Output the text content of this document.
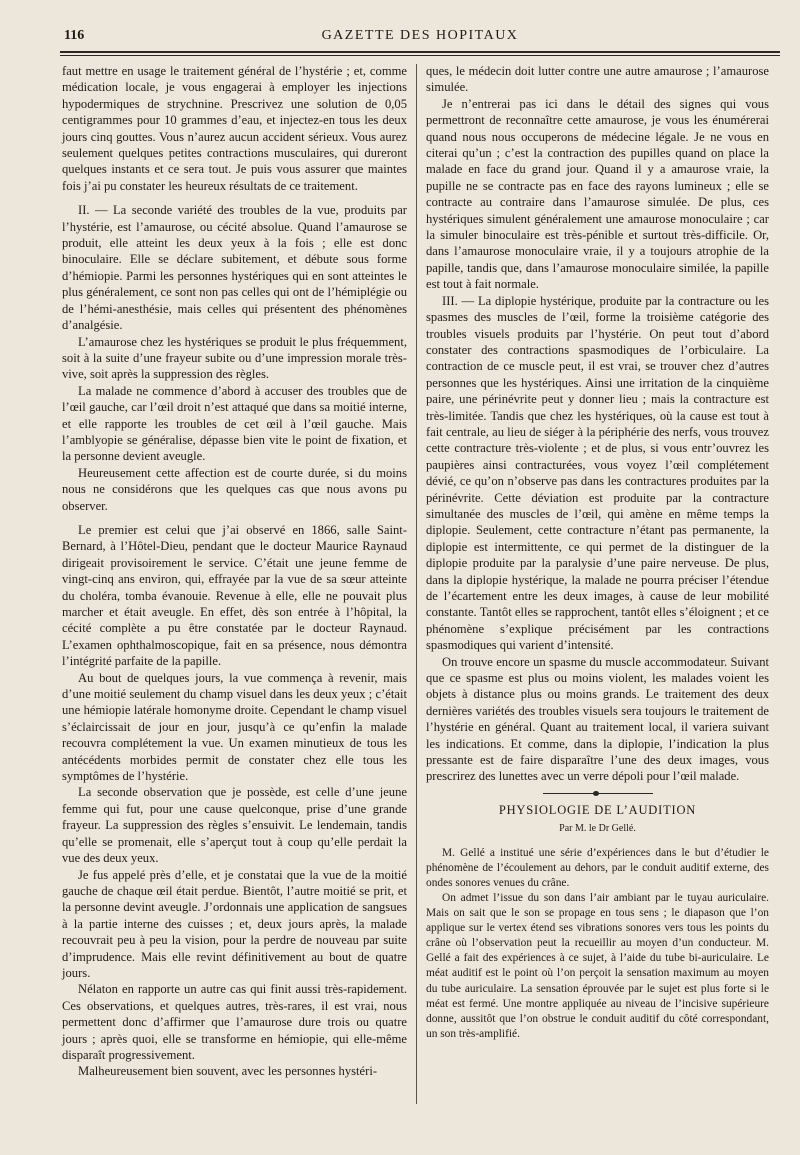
116	GAZETTE DES HOPITAUX

faut mettre en usage le traitement général de l’hystérie ; et, comme médication locale, je vous engagerai à employer les injections hypodermiques de strychnine. Prescrivez une solution de 0,05 centigrammes pour 10 grammes d’eau, et injectez-en tous les deux jours cinq gouttes. Vous n’aurez aucun accident sérieux. Vous aurez seulement quelques petites contractions musculaires, qui dureront quelques instants et ce sera tout. Je puis vous assurer que maintes fois j’ai pu constater les heureux résultats de ce traitement.

II. — La seconde variété des troubles de la vue, produits par l’hystérie, est l’amaurose, ou cécité absolue. Quand l’amaurose se produit, elle atteint les deux yeux à la fois ; elle est donc binoculaire. Elle se déclare subitement, et débute sous forme d’hémiopie. Parmi les personnes hystériques qui en sont atteintes le plus généralement, ce sont non pas celles qui ont de l’hémiplégie ou de l’hémi-anesthésie, mais celles qui présentent des phénomènes d’analgésie.

L’amaurose chez les hystériques se produit le plus fréquemment, soit à la suite d’une frayeur subite ou d’une impression morale très-vive, soit après la suppression des règles.

La malade ne commence d’abord à accuser des troubles que de l’œil gauche, car l’œil droit n’est attaqué que dans sa moitié interne, et elle rapporte les troubles de cet œil à l’œil gauche. Mais l’amblyopie se généralise, dépasse bien vite le point de fixation, et la personne devient aveugle.

Heureusement cette affection est de courte durée, si du moins nous ne considérons que les quelques cas que nous avons pu observer.

Le premier est celui que j’ai observé en 1866, salle Saint-Bernard, à l’Hôtel-Dieu, pendant que le docteur Maurice Raynaud dirigeait provisoirement le service. C’était une jeune femme de vingt-cinq ans environ, qui, effrayée par la vue de sa sœur atteinte du choléra, tomba évanouie. Revenue à elle, elle ne pouvait plus marcher et était aveugle. En effet, dès son entrée à l’hôpital, la cécité complète a pu être constatée par le docteur Raynaud. L’examen ophthalmoscopique, fait en sa présence, nous démontra l’intégrité parfaite de la papille.

Au bout de quelques jours, la vue commença à revenir, mais d’une moitié seulement du champ visuel dans les deux yeux ; c’était une hémiopie latérale homonyme droite. Cependant le champ visuel s’éclaircissait de jour en jour, jusqu’à ce qu’enfin la malade recouvra complétement la vue. Un examen minutieux de tous les antécédents morbides permit de constater chez elle tous les symptômes de l’hystérie.

La seconde observation que je possède, est celle d’une jeune femme qui fut, pour une cause quelconque, prise d’une grande frayeur. La suppression des règles s’ensuivit. Le lendemain, tandis qu’elle se promenait, elle s’aperçut tout à coup qu’elle perdait la vue des deux yeux.

Je fus appelé près d’elle, et je constatai que la vue de la moitié gauche de chaque œil était perdue. Bientôt, l’autre moitié se prit, et la personne devint aveugle. J’ordonnais une application de sangsues à la partie interne des cuisses ; et, deux jours après, la malade recouvrait peu à peu la vision, pour la perdre de nouveau par suite d’imprudence. Mais elle revint définitivement au bout de quatre jours.

Nélaton en rapporte un autre cas qui finit aussi très-rapidement. Ces observations, et quelques autres, très-rares, il est vrai, nous permettent donc d’affirmer que l’amaurose dure trois ou quatre jours ; après quoi, elle se transforme en hémiopie, qui elle-même disparaît progressivement.

Malheureusement bien souvent, avec les personnes hystéri-

ques, le médecin doit lutter contre une autre amaurose ; l’amaurose simulée.

Je n’entrerai pas ici dans le détail des signes qui vous permettront de reconnaître cette amaurose, je vous les énumérerai quand nous nous occuperons de médecine légale. Je ne vous en citerai qu’un ; c’est la contraction des pupilles quand on place la malade en face du grand jour. Quand il y a amaurose vraie, la pupille ne se contracte pas en face des rayons lumineux ; elle se contracte au contraire dans l’amaurose simulée. De plus, ces hystériques simulent généralement une amaurose monoculaire ; car la simuler binoculaire est très-pénible et surtout très-difficile. Or, dans l’amaurose monoculaire vraie, il y a toujours atrophie de la papille, tandis que, dans l’amaurose monoculaire similée, la papille est tout à fait normale.

III. — La diplopie hystérique, produite par la contracture ou les spasmes des muscles de l’œil, forme la troisième catégorie des troubles visuels produits par l’hystérie. On peut tout d’abord constater des contractions spasmodiques de l’orbiculaire. La contraction de ce muscle peut, il est vrai, se trouver chez d’autres personnes que les hystériques. Ainsi une irritation de la cinquième paire, une périnévrite peut y donner lieu ; mais la contracture est très-limitée. Tandis que chez les hystériques, où la cause est tout à fait centrale, au lieu de siéger à la périphérie des nerfs, vous trouvez cette contracture très-violente ; et de plus, si vous entr’ouvrez les paupières ainsi contracturées, vous voyez l’œil complétement dévié, ce qu’on n’observe pas dans les contractures produites par la périnévrite. Cette déviation est produite par la contracture simultanée des muscles de l’œil, qui amène en même temps la diplopie. Seulement, cette contracture n’étant pas permanente, la diplopie est intermittente, ce qui permet de la distinguer de la diplopie produite par la paralysie d’une paire nerveuse. De plus, dans la diplopie hystérique, la malade ne pourra préciser l’étendue de l’écartement entre les deux images, à cause de leur mobilité constante. Tantôt elles se rapprochent, tantôt elles s’éloignent ; et ce phénomène s’explique précisément par les contractions spasmodiques qui varient d’intensité.

On trouve encore un spasme du muscle accommodateur. Suivant que ce spasme est plus ou moins violent, les malades voient les objets à distance plus ou moins grands. Le traitement des deux dernières variétés des troubles visuels sera toujours le traitement de l’hystérie en général. Quant au traitement local, il variera suivant les indications. Et comme, dans la diplopie, l’indication la plus pressante est de faire disparaître l’une des deux images, vous prescrirez des lunettes avec un verre dépoli pour l’œil malade.

PHYSIOLOGIE DE L’AUDITION
Par M. le Dr Gellé.

M. Gellé a institué une série d’expériences dans le but d’étudier le phénomène de l’écoulement au dehors, par le conduit auditif externe, des ondes sonores venues du crâne.

On admet l’issue du son dans l’air ambiant par le tuyau auriculaire. Mais on sait que le son se propage en tous sens ; le diapason que l’on applique sur le vertex étend ses vibrations sonores vers tous les points du crâne où l’observation peut la recueillir au moyen d’un conducteur. M. Gellé a fait des expériences à ce sujet, à l’aide du tube bi-auriculaire. Le méat auditif est le point où l’on perçoit la sensation maximum au moyen du tube auriculaire. La sensation éprouvée par le sujet est plus forte si le méat est fermé. Une montre appliquée au niveau de l’incisive supérieure donne, aussitôt que l’on obstrue le conduit auditif du côté correspondant, un son très-amplifié.
